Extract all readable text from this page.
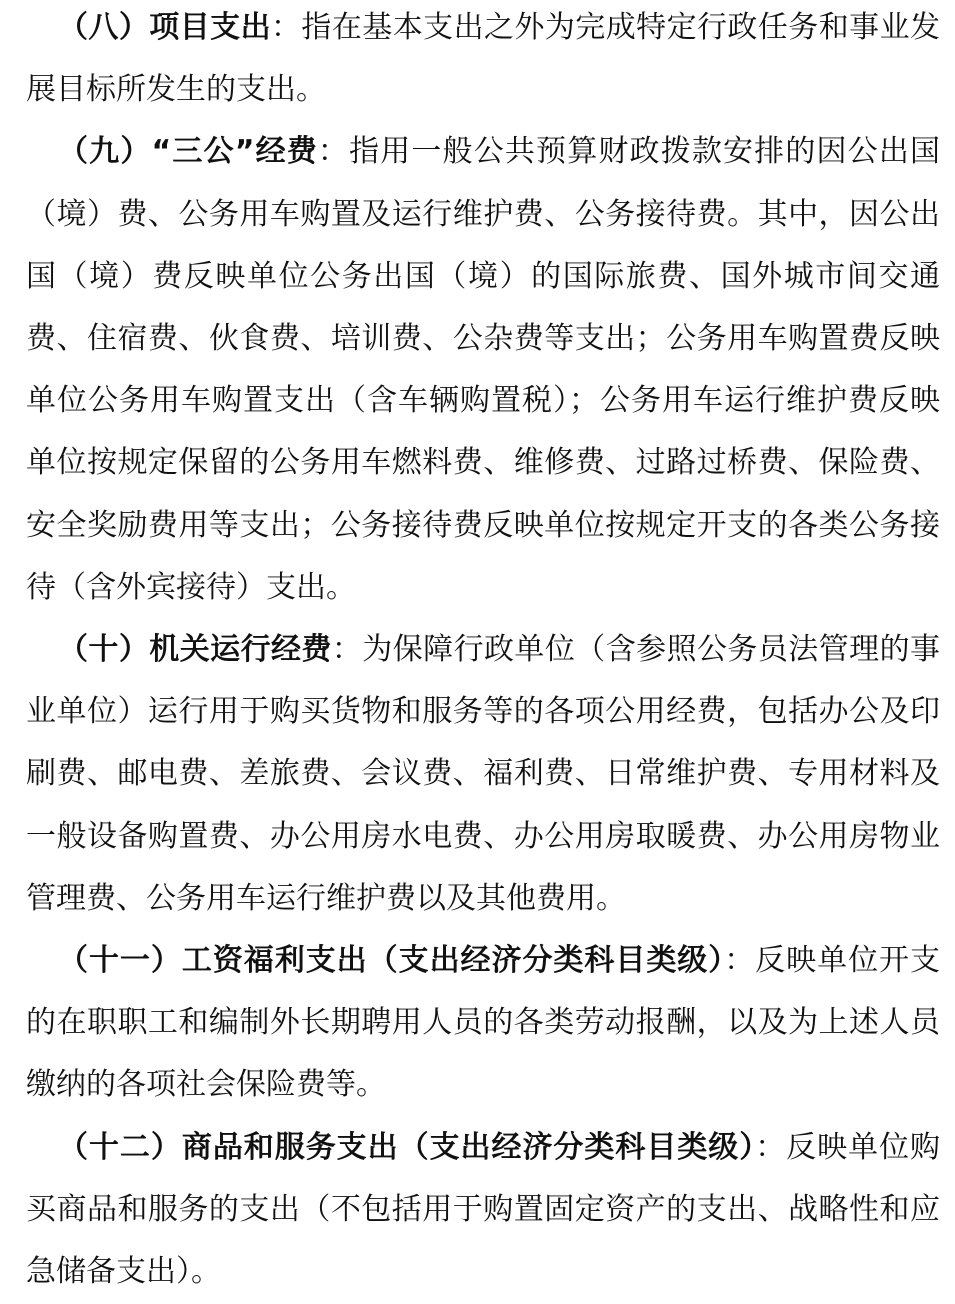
（八）项目支出：指在基本支出之外为完成特定行政任务和事业发展目标所发生的支出。

（九）“三公”经费：指用一般公共预算财政拨款安排的因公出国（境）费、公务用车购置及运行维护费、公务接待费。其中，因公出国（境）费反映单位公务出国（境）的国际旅费、国外城市间交通费、住宿费、伙食费、培训费、公杂费等支出；公务用车购置费反映单位公务用车购置支出（含车辆购置税）；公务用车运行维护费反映单位按规定保留的公务用车燃料费、维修费、过路过桥费、保险费、安全奖励费用等支出；公务接待费反映单位按规定开支的各类公务接待（含外宾接待）支出。

（十）机关运行经费：为保障行政单位（含参照公务员法管理的事业单位）运行用于购买货物和服务等的各项公用经费，包括办公及印刷费、邮电费、差旅费、会议费、福利费、日常维护费、专用材料及一般设备购置费、办公用房水电费、办公用房取暖费、办公用房物业管理费、公务用车运行维护费以及其他费用。

（十一）工资福利支出（支出经济分类科目类级）：反映单位开支的在职职工和编制外长期聘用人员的各类劳动报酬，以及为上述人员缴纳的各项社会保险费等。

（十二）商品和服务支出（支出经济分类科目类级）：反映单位购买商品和服务的支出（不包括用于购置固定资产的支出、战略性和应急储备支出）。
